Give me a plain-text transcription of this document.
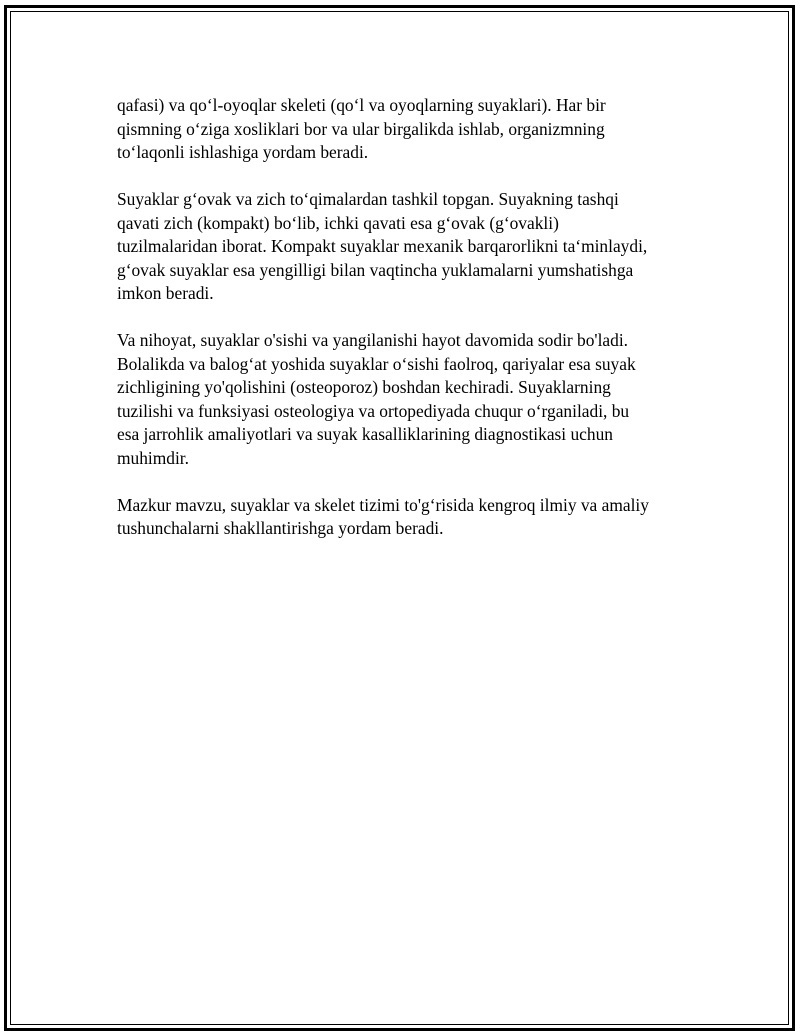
qafasi) va qo‘l-oyoqlar skeleti (qo‘l va oyoqlarning suyaklari). Har bir
qismning o‘ziga xosliklari bor va ular birgalikda ishlab, organizmning
to‘laqonli ishlashiga yordam beradi.

Suyaklar g‘ovak va zich to‘qimalardan tashkil topgan. Suyakning tashqi
qavati zich (kompakt) bo‘lib, ichki qavati esa g‘ovak (g‘ovakli)
tuzilmalaridan iborat. Kompakt suyaklar mexanik barqarorlikni ta‘minlaydi,
g‘ovak suyaklar esa yengilligi bilan vaqtincha yuklamalarni yumshatishga
imkon beradi.

Va nihoyat, suyaklar o'sishi va yangilanishi hayot davomida sodir bo'ladi.
Bolalikda va balog‘at yoshida suyaklar o‘sishi faolroq, qariyalar esa suyak
zichligining yo'qolishini (osteoporoz) boshdan kechiradi. Suyaklarning
tuzilishi va funksiyasi osteologiya va ortopediyada chuqur o‘rganiladi, bu
esa jarrohlik amaliyotlari va suyak kasalliklarining diagnostikasi uchun
muhimdir.

Mazkur mavzu, suyaklar va skelet tizimi to'g‘risida kengroq ilmiy va amaliy
tushunchalarni shakllantirishga yordam beradi.
